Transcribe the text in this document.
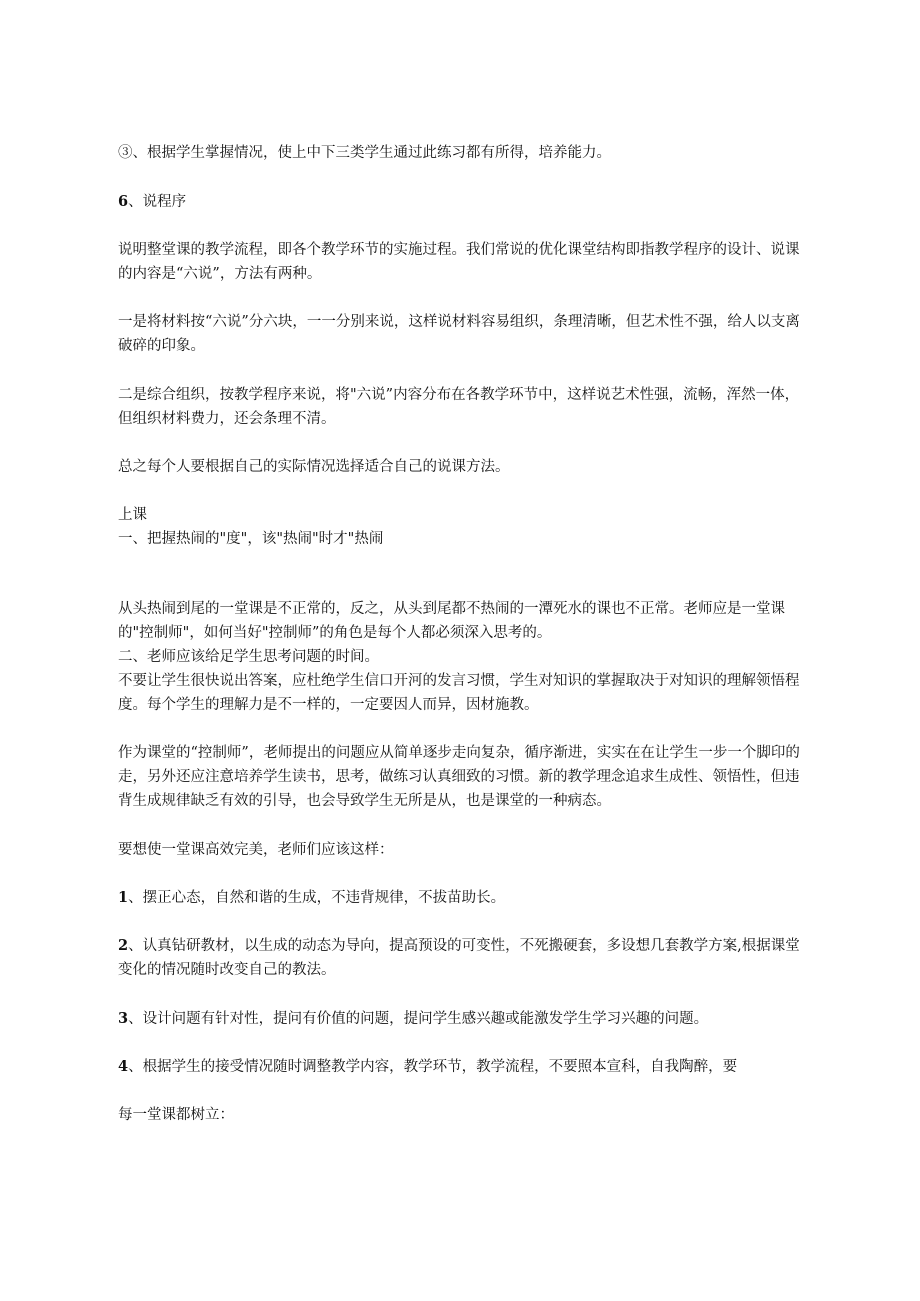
③、根据学生掌握情况，使上中下三类学生通过此练习都有所得，培养能力。

6、说程序

说明整堂课的教学流程，即各个教学环节的实施过程。我们常说的优化课堂结构即指教学程序的设计、说课的内容是“六说”，方法有两种。

一是将材料按“六说”分六块，一一分别来说，这样说材料容易组织，条理清晰，但艺术性不强，给人以支离破碎的印象。

二是综合组织，按教学程序来说，将"六说”内容分布在各教学环节中，这样说艺术性强，流畅，浑然一体，但组织材料费力，还会条理不清。

总之每个人要根据自己的实际情况选择适合自己的说课方法。

上课

一、把握热闹的"度"，该"热闹"时才"热闹

从头热闹到尾的一堂课是不正常的，反之，从头到尾都不热闹的一潭死水的课也不正常。老师应是一堂课的"控制师"，如何当好"控制师”的角色是每个人都必须深入思考的。

二、老师应该给足学生思考问题的时间。

不要让学生很快说出答案，应杜绝学生信口开河的发言习惯，学生对知识的掌握取决于对知识的理解领悟程度。每个学生的理解力是不一样的，一定要因人而异，因材施教。

作为课堂的“控制师”，老师提出的问题应从简单逐步走向复杂，循序渐进，实实在在让学生一步一个脚印的走，另外还应注意培养学生读书，思考，做练习认真细致的习惯。新的教学理念追求生成性、领悟性，但违背生成规律缺乏有效的引导，也会导致学生无所是从，也是课堂的一种病态。

要想使一堂课高效完美，老师们应该这样：

1、摆正心态，自然和谐的生成，不违背规律，不拔苗助长。

2、认真钻研教材，以生成的动态为导向，提高预设的可变性，不死搬硬套，多设想几套教学方案,根据课堂变化的情况随时改变自己的教法。

3、设计问题有针对性，提问有价值的问题，提问学生感兴趣或能激发学生学习兴趣的问题。

4、根据学生的接受情况随时调整教学内容，教学环节，教学流程，不要照本宣科，自我陶醉，要

每一堂课都树立：
